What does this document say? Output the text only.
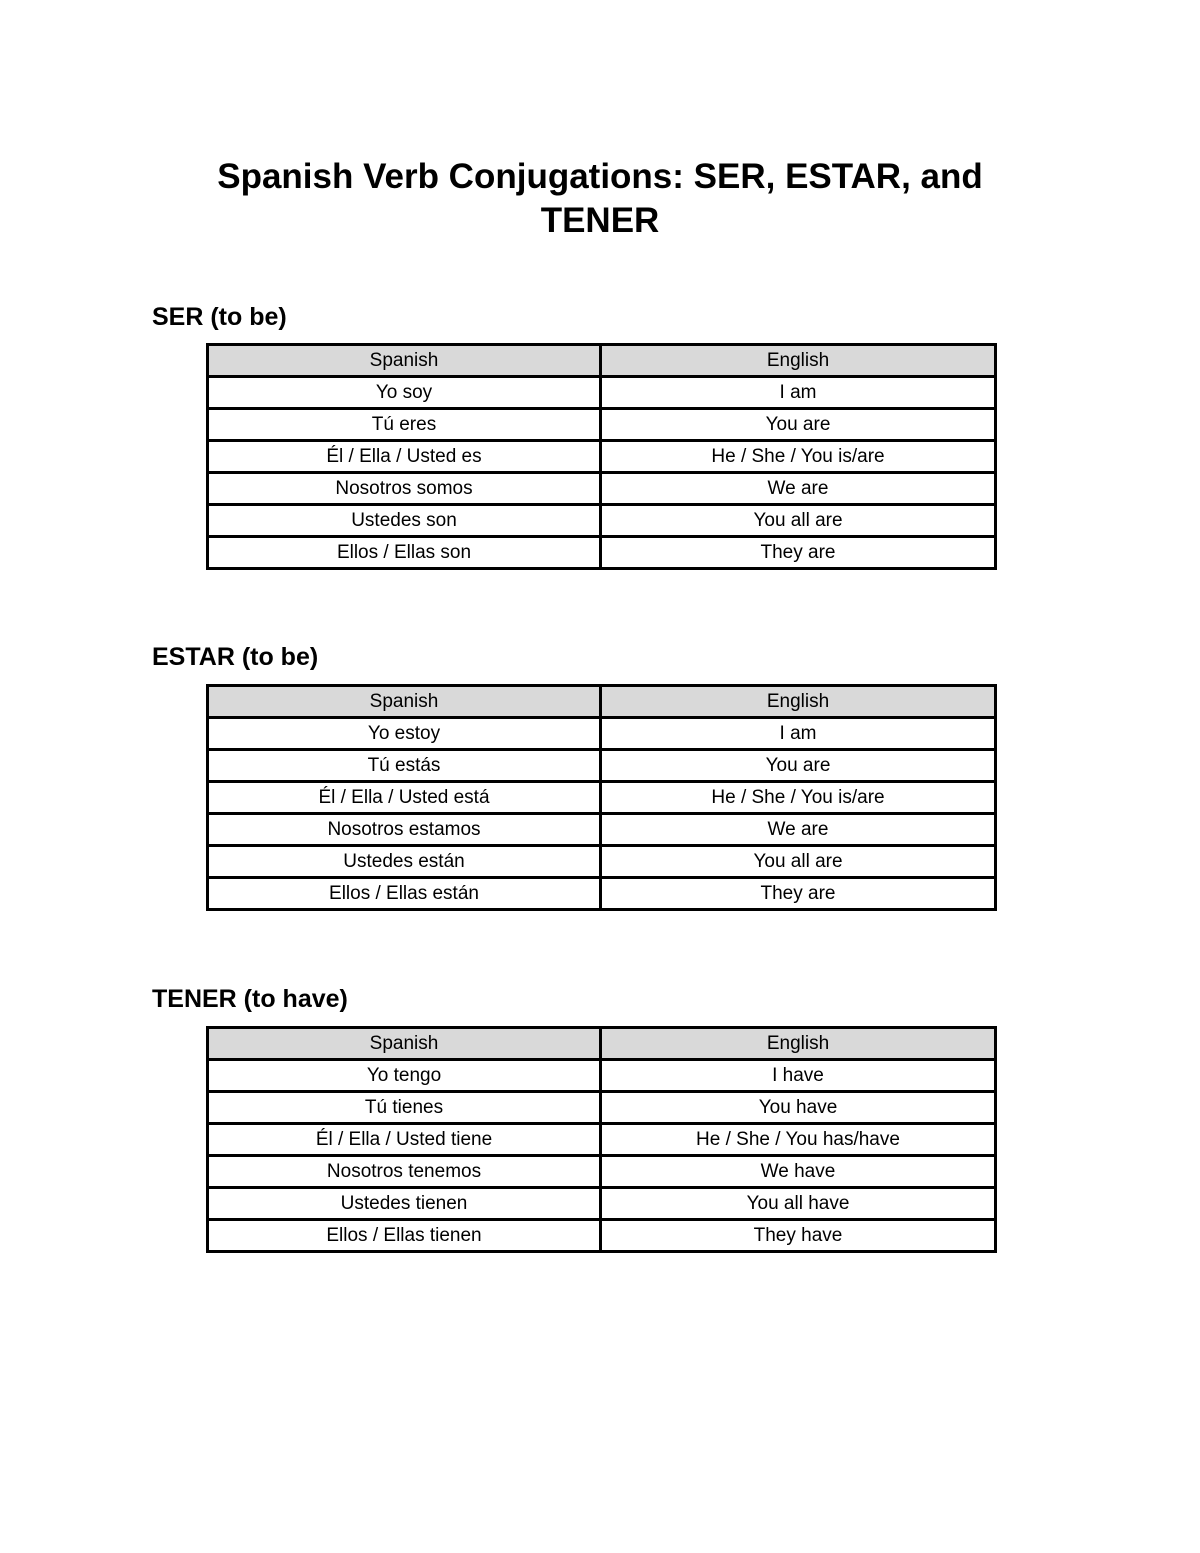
Spanish Verb Conjugations: SER, ESTAR, and TENER
SER (to be)
Spanish	English
Yo soy	I am
Tú eres	You are
Él / Ella / Usted es	He / She / You is/are
Nosotros somos	We are
Ustedes son	You all are
Ellos / Ellas son	They are
ESTAR (to be)
Spanish	English
Yo estoy	I am
Tú estás	You are
Él / Ella / Usted está	He / She / You is/are
Nosotros estamos	We are
Ustedes están	You all are
Ellos / Ellas están	They are
TENER (to have)
Spanish	English
Yo tengo	I have
Tú tienes	You have
Él / Ella / Usted tiene	He / She / You has/have
Nosotros tenemos	We have
Ustedes tienen	You all have
Ellos / Ellas tienen	They have
